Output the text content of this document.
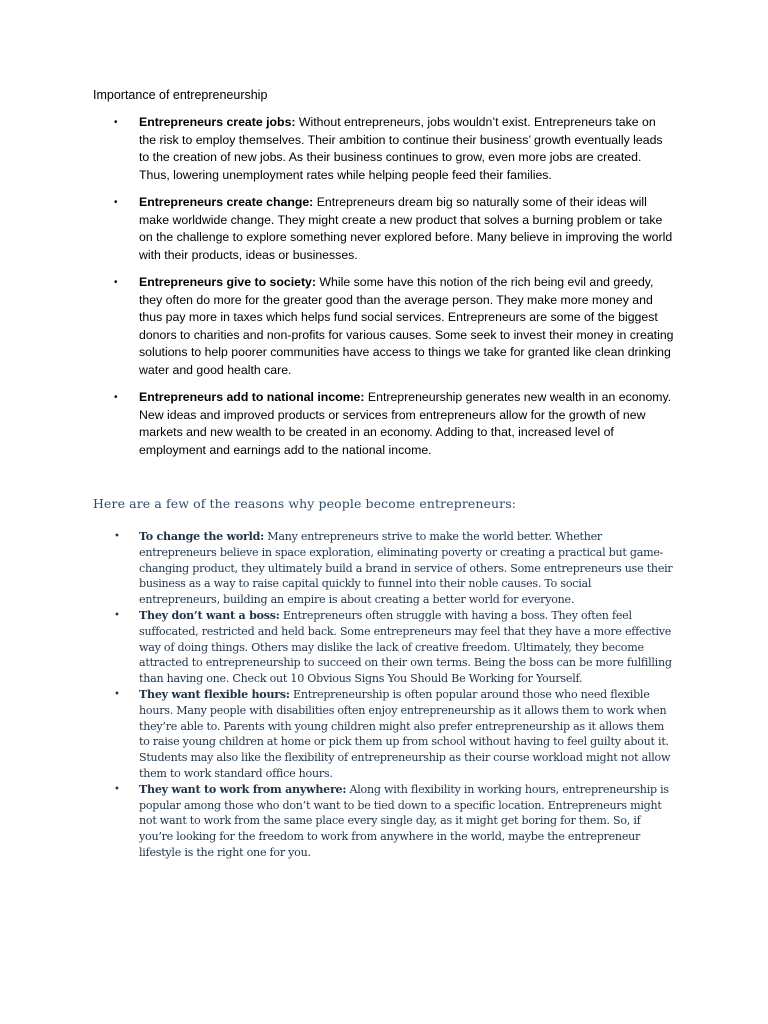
Importance of entrepreneurship

• Entrepreneurs create jobs: Without entrepreneurs, jobs wouldn’t exist. Entrepreneurs take on the risk to employ themselves. Their ambition to continue their business’ growth eventually leads to the creation of new jobs. As their business continues to grow, even more jobs are created. Thus, lowering unemployment rates while helping people feed their families.
• Entrepreneurs create change: Entrepreneurs dream big so naturally some of their ideas will make worldwide change. They might create a new product that solves a burning problem or take on the challenge to explore something never explored before. Many believe in improving the world with their products, ideas or businesses.
• Entrepreneurs give to society: While some have this notion of the rich being evil and greedy, they often do more for the greater good than the average person. They make more money and thus pay more in taxes which helps fund social services. Entrepreneurs are some of the biggest donors to charities and non-profits for various causes. Some seek to invest their money in creating solutions to help poorer communities have access to things we take for granted like clean drinking water and good health care.
• Entrepreneurs add to national income: Entrepreneurship generates new wealth in an economy. New ideas and improved products or services from entrepreneurs allow for the growth of new markets and new wealth to be created in an economy. Adding to that, increased level of employment and earnings add to the national income.
Here are a few of the reasons why people become entrepreneurs:
• To change the world: Many entrepreneurs strive to make the world better. Whether entrepreneurs believe in space exploration, eliminating poverty or creating a practical but game-changing product, they ultimately build a brand in service of others. Some entrepreneurs use their business as a way to raise capital quickly to funnel into their noble causes. To social entrepreneurs, building an empire is about creating a better world for everyone.
• They don’t want a boss: Entrepreneurs often struggle with having a boss. They often feel suffocated, restricted and held back. Some entrepreneurs may feel that they have a more effective way of doing things. Others may dislike the lack of creative freedom. Ultimately, they become attracted to entrepreneurship to succeed on their own terms. Being the boss can be more fulfilling than having one. Check out 10 Obvious Signs You Should Be Working for Yourself.
• They want flexible hours: Entrepreneurship is often popular around those who need flexible hours. Many people with disabilities often enjoy entrepreneurship as it allows them to work when they’re able to. Parents with young children might also prefer entrepreneurship as it allows them to raise young children at home or pick them up from school without having to feel guilty about it. Students may also like the flexibility of entrepreneurship as their course workload might not allow them to work standard office hours.
• They want to work from anywhere: Along with flexibility in working hours, entrepreneurship is popular among those who don’t want to be tied down to a specific location. Entrepreneurs might not want to work from the same place every single day, as it might get boring for them. So, if you’re looking for the freedom to work from anywhere in the world, maybe the entrepreneur lifestyle is the right one for you.
